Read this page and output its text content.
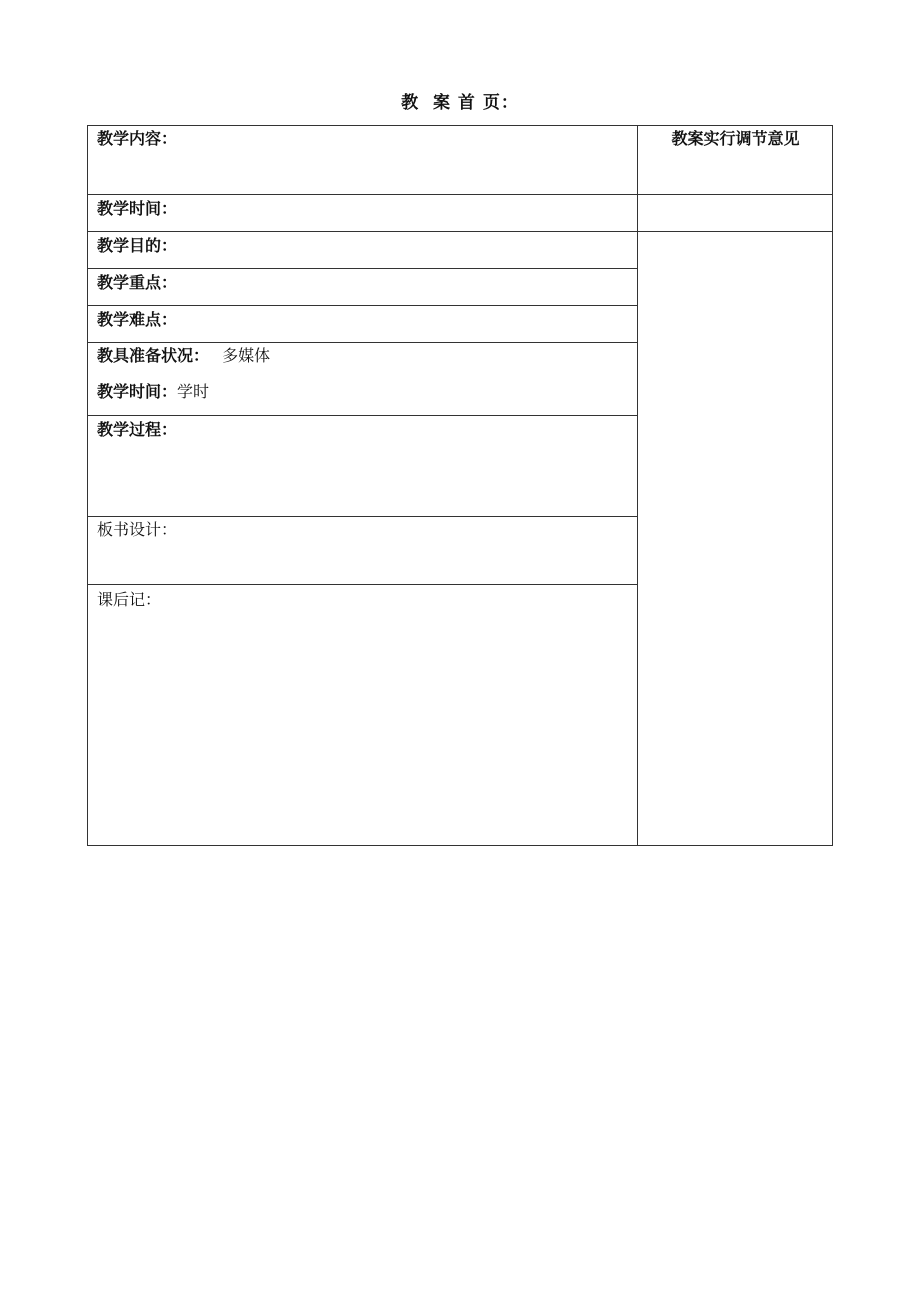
教  案 首 页：
教案实行调节意见
教学内容：
教学时间：
教学目的：
教学重点：
教学难点：
教具准备状况： 多媒体
教学时间：学时
教学过程：
板书设计：
课后记：
